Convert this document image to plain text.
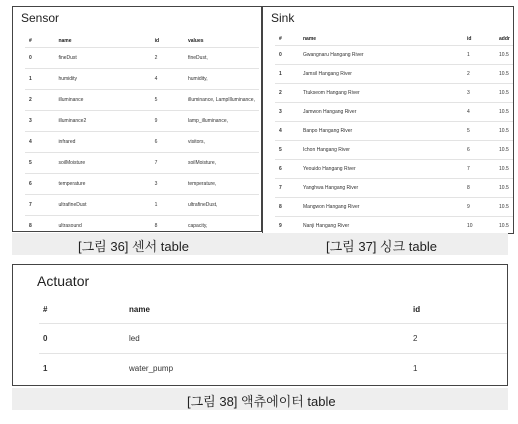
Sensor
#	name	id	values
0	fineDust	2	fineDust,
1	humidity	4	humidity,
2	illuminance	5	illuminance, LampIlluminance,
3	illuminance2	9	lamp_illuminance,
4	infrared	6	visitors,
5	soilMoisture	7	soilMoisture,
6	temperature	3	temperature,
7	ultrafineDust	1	ultrafineDust,
8	ultrasound	8	capacity,
Sink
#	name	id	addr
0	Gwangnaru Hangang River	1	10.5
1	Jamsil Hangang River	2	10.5
2	Ttukseom Hangang River	3	10.5
3	Jamwon Hangang River	4	10.5
4	Banpo Hangang River	5	10.5
5	Ichon Hangang River	6	10.5
6	Yeouido Hangang River	7	10.5
7	Yanghwa Hangang River	8	10.5
8	Mangwon Hangang River	9	10.5
9	Nanji Hangang River	10	10.5
[그림 36] 센서 table	[그림 37] 싱크 table
Actuator
#	name	id
0	led	2
1	water_pump	1
[그림 38] 액츄에이터 table
